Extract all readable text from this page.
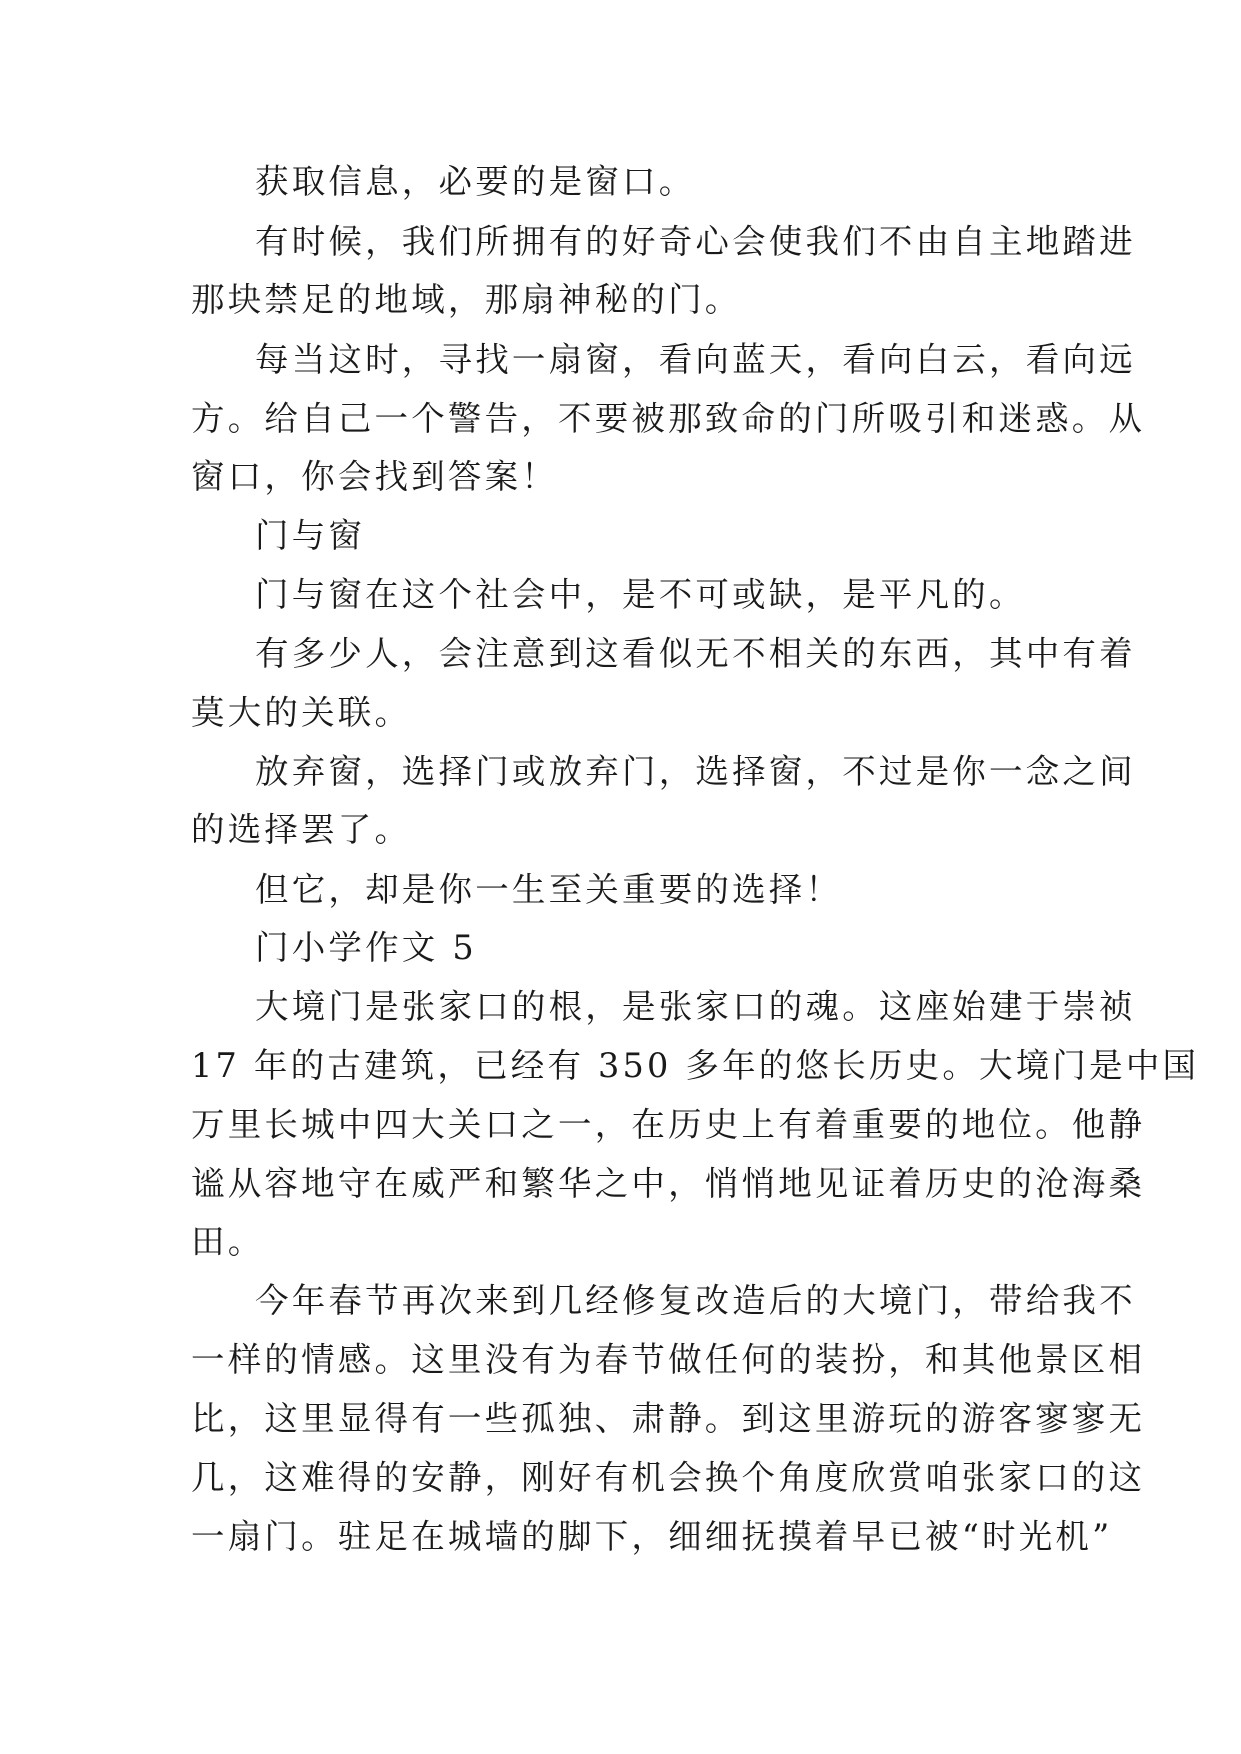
获取信息，必要的是窗口。
有时候，我们所拥有的好奇心会使我们不由自主地踏进
那块禁足的地域，那扇神秘的门。
每当这时，寻找一扇窗，看向蓝天，看向白云，看向远
方。给自己一个警告，不要被那致命的门所吸引和迷惑。从
窗口，你会找到答案！
门与窗
门与窗在这个社会中，是不可或缺，是平凡的。
有多少人，会注意到这看似无不相关的东西，其中有着
莫大的关联。
放弃窗，选择门或放弃门，选择窗，不过是你一念之间
的选择罢了。
但它，却是你一生至关重要的选择！
门小学作文 5
大境门是张家口的根，是张家口的魂。这座始建于崇祯
17 年的古建筑，已经有 350 多年的悠长历史。大境门是中国
万里长城中四大关口之一，在历史上有着重要的地位。他静
谧从容地守在威严和繁华之中，悄悄地见证着历史的沧海桑
田。
今年春节再次来到几经修复改造后的大境门，带给我不
一样的情感。这里没有为春节做任何的装扮，和其他景区相
比，这里显得有一些孤独、肃静。到这里游玩的游客寥寥无
几，这难得的安静，刚好有机会换个角度欣赏咱张家口的这
一扇门。驻足在城墙的脚下，细细抚摸着早已被“时光机”
